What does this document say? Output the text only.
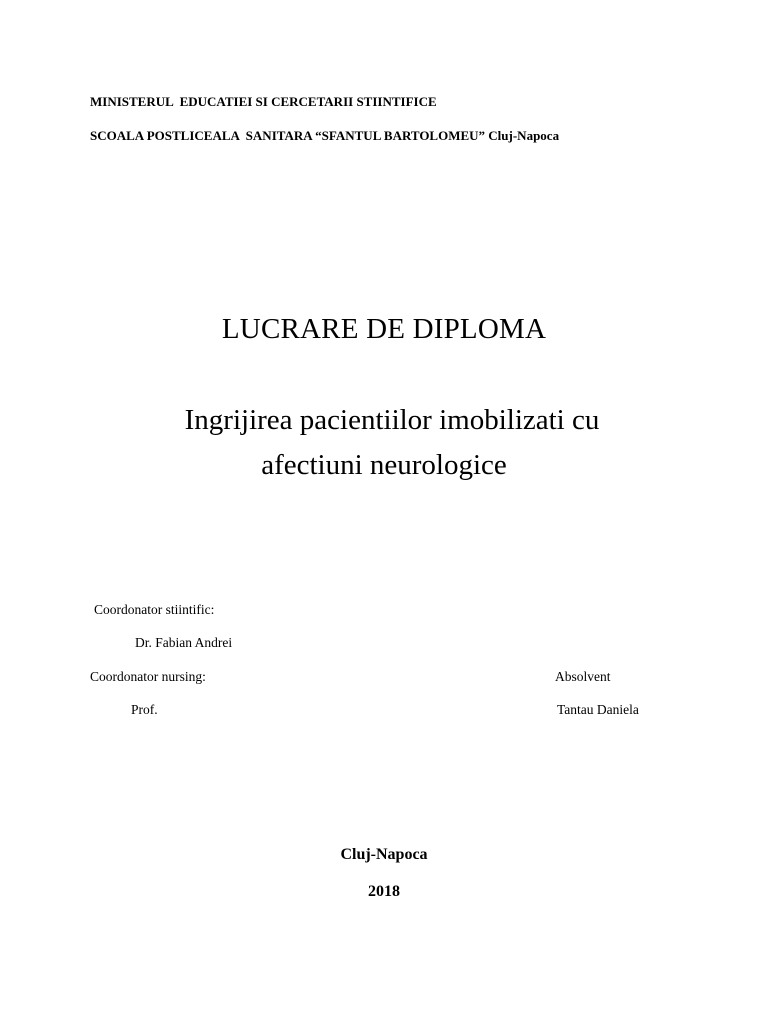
MINISTERUL  EDUCATIEI SI CERCETARII STIINTIFICE
SCOALA POSTLICEALA  SANITARA “SFANTUL BARTOLOMEU” Cluj-Napoca
LUCRARE DE DIPLOMA
Ingrijirea pacientiilor imobilizati cu
afectiuni neurologice
Coordonator stiintific:
Dr. Fabian Andrei
Coordonator nursing:
Prof.
Absolvent
Tantau Daniela
Cluj-Napoca
2018
